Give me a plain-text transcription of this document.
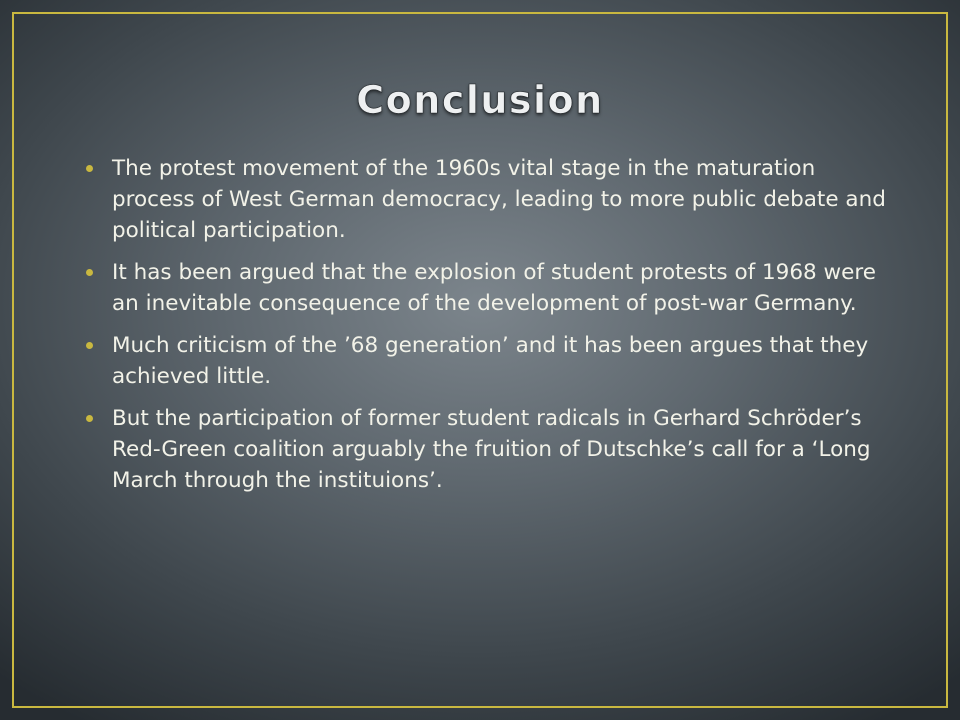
Conclusion
The protest movement of the 1960s vital stage in the maturation process of West German democracy, leading to more public debate and political participation.
It has been argued that the explosion of student protests of 1968 were an inevitable consequence of the development of post-war Germany.
Much criticism of the ’68 generation’ and it has been argues that they achieved little.
But the participation of former student radicals in Gerhard Schröder’s Red-Green coalition arguably the fruition of Dutschke’s call for a ‘Long March through the instituions’.
